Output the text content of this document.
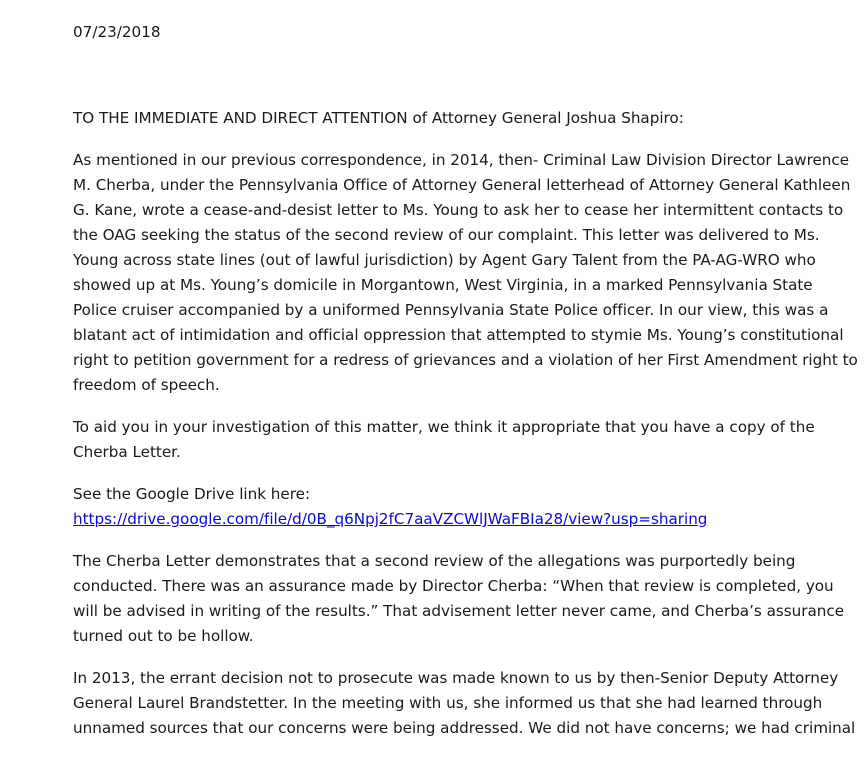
07/23/2018

TO THE IMMEDIATE AND DIRECT ATTENTION of Attorney General Joshua Shapiro:

As mentioned in our previous correspondence, in 2014, then- Criminal Law Division Director Lawrence M. Cherba, under the Pennsylvania Office of Attorney General letterhead of Attorney General Kathleen G. Kane, wrote a cease-and-desist letter to Ms. Young to ask her to cease her intermittent contacts to the OAG seeking the status of the second review of our complaint. This letter was delivered to Ms. Young across state lines (out of lawful jurisdiction) by Agent Gary Talent from the PA-AG-WRO who showed up at Ms. Young’s domicile in Morgantown, West Virginia, in a marked Pennsylvania State Police cruiser accompanied by a uniformed Pennsylvania State Police officer. In our view, this was a blatant act of intimidation and official oppression that attempted to stymie Ms. Young’s constitutional right to petition government for a redress of grievances and a violation of her First Amendment right to freedom of speech.

To aid you in your investigation of this matter, we think it appropriate that you have a copy of the Cherba Letter.

See the Google Drive link here:
https://drive.google.com/file/d/0B_q6Npj2fC7aaVZCWlJWaFBIa28/view?usp=sharing

The Cherba Letter demonstrates that a second review of the allegations was purportedly being conducted. There was an assurance made by Director Cherba: “When that review is completed, you will be advised in writing of the results.” That advisement letter never came, and Cherba’s assurance turned out to be hollow.

In 2013, the errant decision not to prosecute was made known to us by then-Senior Deputy Attorney General Laurel Brandstetter. In the meeting with us, she informed us that she had learned through unnamed sources that our concerns were being addressed. We did not have concerns; we had criminal
